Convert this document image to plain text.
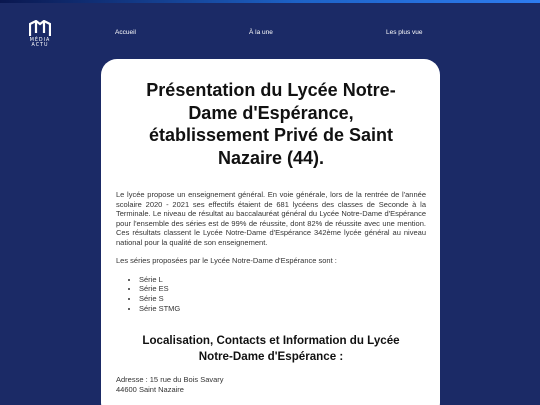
MÉDIA ACTU
Accueil	À la une	Les plus vue
Présentation du Lycée Notre-Dame d'Espérance, établissement Privé de Saint Nazaire (44).

Le lycée propose un enseignement général. En voie générale, lors de la rentrée de l'année scolaire 2020 - 2021 ses effectifs étaient de 681 lycéens des classes de Seconde à la Terminale. Le niveau de résultat au baccalauréat général du Lycée Notre-Dame d'Espérance pour l'ensemble des séries est de 99% de réussite, dont 82% de réussite avec une mention. Ces résultats classent le Lycée Notre-Dame d'Espérance 342ème lycée général au niveau national pour la qualité de son enseignement.

Les séries proposées par le Lycée Notre-Dame d'Espérance sont :

• Série L
• Série ES
• Série S
• Série STMG
Localisation, Contacts et Information du Lycée Notre-Dame d'Espérance :

Adresse : 15 rue du Bois Savary
44600 Saint Nazaire
